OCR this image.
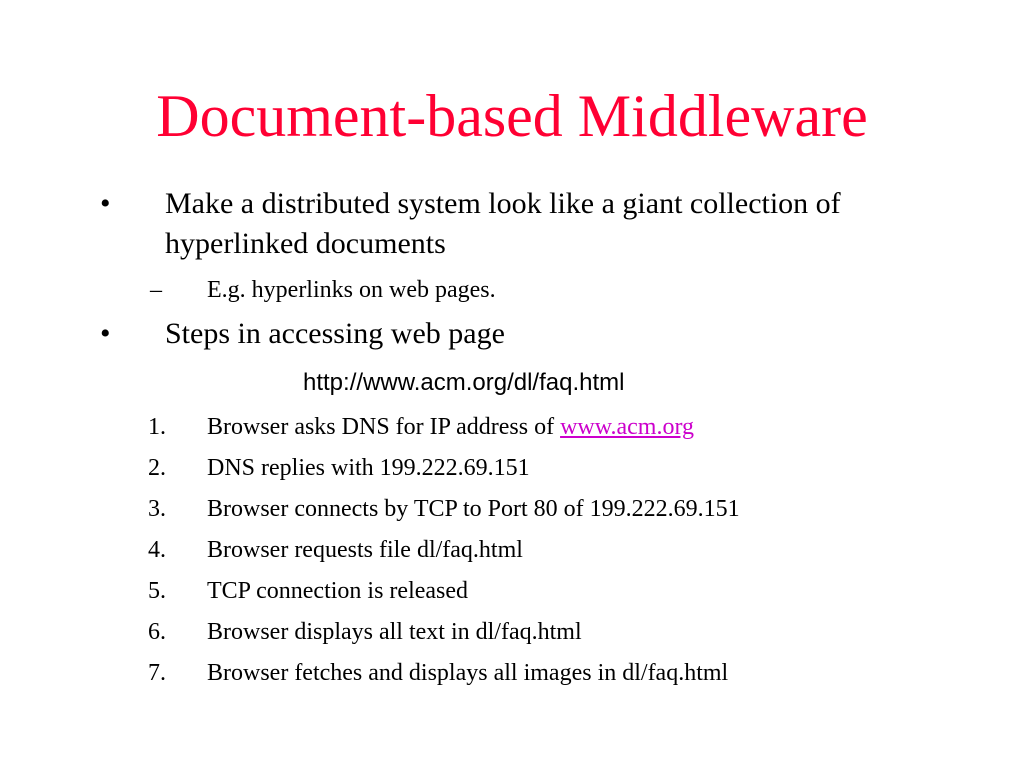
Document-based Middleware
• Make a distributed system look like a giant collection of hyperlinked documents
– E.g. hyperlinks on web pages.
• Steps in accessing web page
http://www.acm.org/dl/faq.html
1. Browser asks DNS for IP address of www.acm.org
2. DNS replies with 199.222.69.151
3. Browser connects by TCP to Port 80 of 199.222.69.151
4. Browser requests file dl/faq.html
5. TCP connection is released
6. Browser displays all text in dl/faq.html
7. Browser fetches and displays all images in dl/faq.html
